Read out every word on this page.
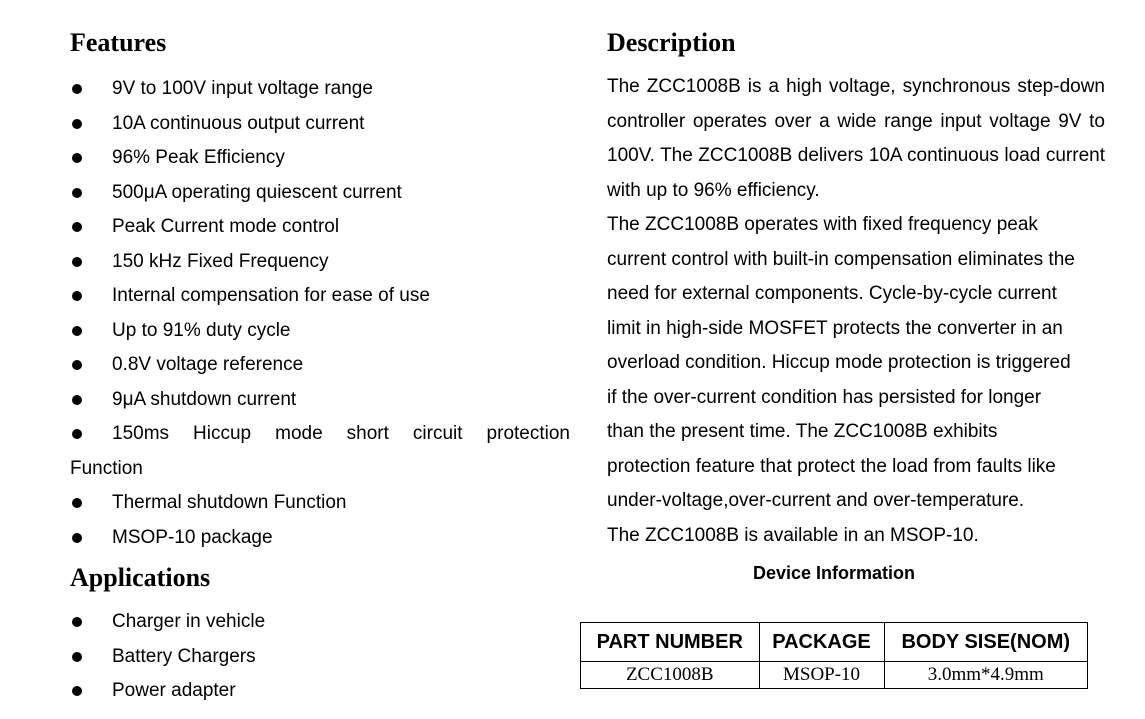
Features
9V to 100V input voltage range
10A continuous output current
96% Peak Efficiency
500μA operating quiescent current
Peak Current mode control
150 kHz Fixed Frequency
Internal compensation for ease of use
Up to 91% duty cycle
0.8V voltage reference
9μA shutdown current
150ms Hiccup mode short circuit protection
Function
Thermal shutdown Function
MSOP-10 package
Applications
Charger in vehicle
Battery Chargers
Power adapter
Description

The ZCC1008B is a high voltage, synchronous step-down controller operates over a wide range input voltage 9V to 100V. The ZCC1008B delivers 10A continuous load current with up to 96% efficiency.

The ZCC1008B operates with fixed frequency peak

current control with built-in compensation eliminates the

need for external components. Cycle-by-cycle current

limit in high-side MOSFET protects the converter in an

overload condition. Hiccup mode protection is triggered

if the over-current condition has persisted for longer

than the present time. The ZCC1008B exhibits

protection feature that protect the load from faults like

under-voltage,over-current and over-temperature.

The ZCC1008B is available in an MSOP-10.

Device Information
PART NUMBER	PACKAGE	BODY SISE(NOM)
ZCC1008B	MSOP-10	3.0mm*4.9mm
